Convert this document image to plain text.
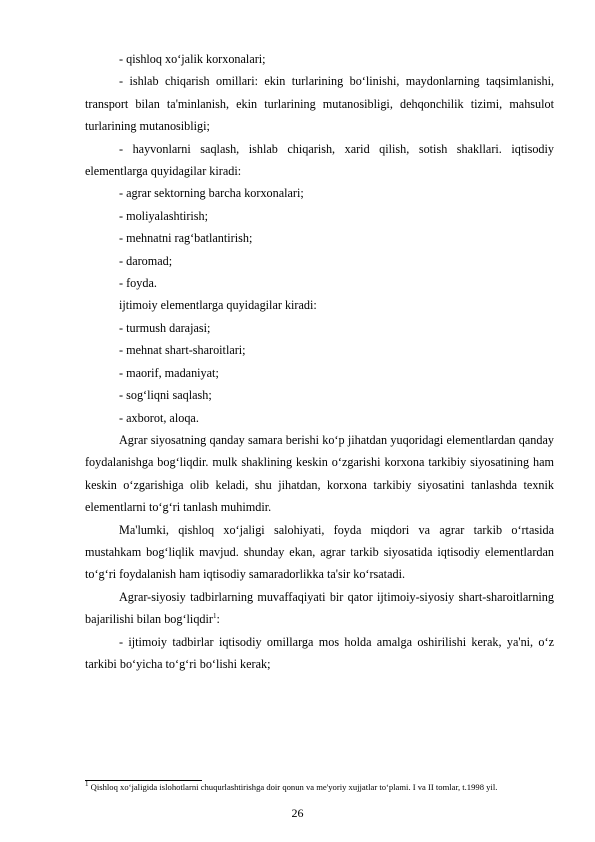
- qishloq xo‘jalik korxonalari;

- ishlab chiqarish omillari: ekin turlarining bo‘linishi, maydonlarning taqsimlanishi, transport bilan ta'minlanish, ekin turlarining mutanosibligi, dehqonchilik tizimi, mahsulot turlarining mutanosibligi;

- hayvonlarni saqlash, ishlab chiqarish, xarid qilish, sotish shakllari. iqtisodiy elementlarga quyidagilar kiradi:

- agrar sektorning barcha korxonalari;

- moliyalashtirish;

- mehnatni rag‘batlantirish;

- daromad;

- foyda.

ijtimoiy elementlarga quyidagilar kiradi:

- turmush darajasi;

- mehnat shart-sharoitlari;

- maorif, madaniyat;

- sog‘liqni saqlash;

- axborot, aloqa.

Agrar siyosatning qanday samara berishi ko‘p jihatdan yuqoridagi elementlardan qanday foydalanishga bog‘liqdir. mulk shaklining keskin o‘zgarishi korxona tarkibiy siyosatining ham keskin o‘zgarishiga olib keladi, shu jihatdan, korxona tarkibiy siyosatini tanlashda texnik elementlarni to‘g‘ri tanlash muhimdir.

Ma'lumki, qishloq xo‘jaligi salohiyati, foyda miqdori va agrar tarkib o‘rtasida mustahkam bog‘liqlik mavjud. shunday ekan, agrar tarkib siyosatida iqtisodiy elementlardan to‘g‘ri foydalanish ham iqtisodiy samaradorlikka ta'sir ko‘rsatadi.

Agrar-siyosiy tadbirlarning muvaffaqiyati bir qator ijtimoiy-siyosiy shart-sharoitlarning bajarilishi bilan bog‘liqdir$^1$:

- ijtimoiy tadbirlar iqtisodiy omillarga mos holda amalga oshirilishi kerak, ya'ni, o‘z tarkibi bo‘yicha to‘g‘ri bo‘lishi kerak;

$^1$ Qishloq xo‘jaligida islohotlarni chuqurlashtirishga doir qonun va me'yoriy xujjatlar to‘plami. I va II tomlar, t.1998 yil.
26
